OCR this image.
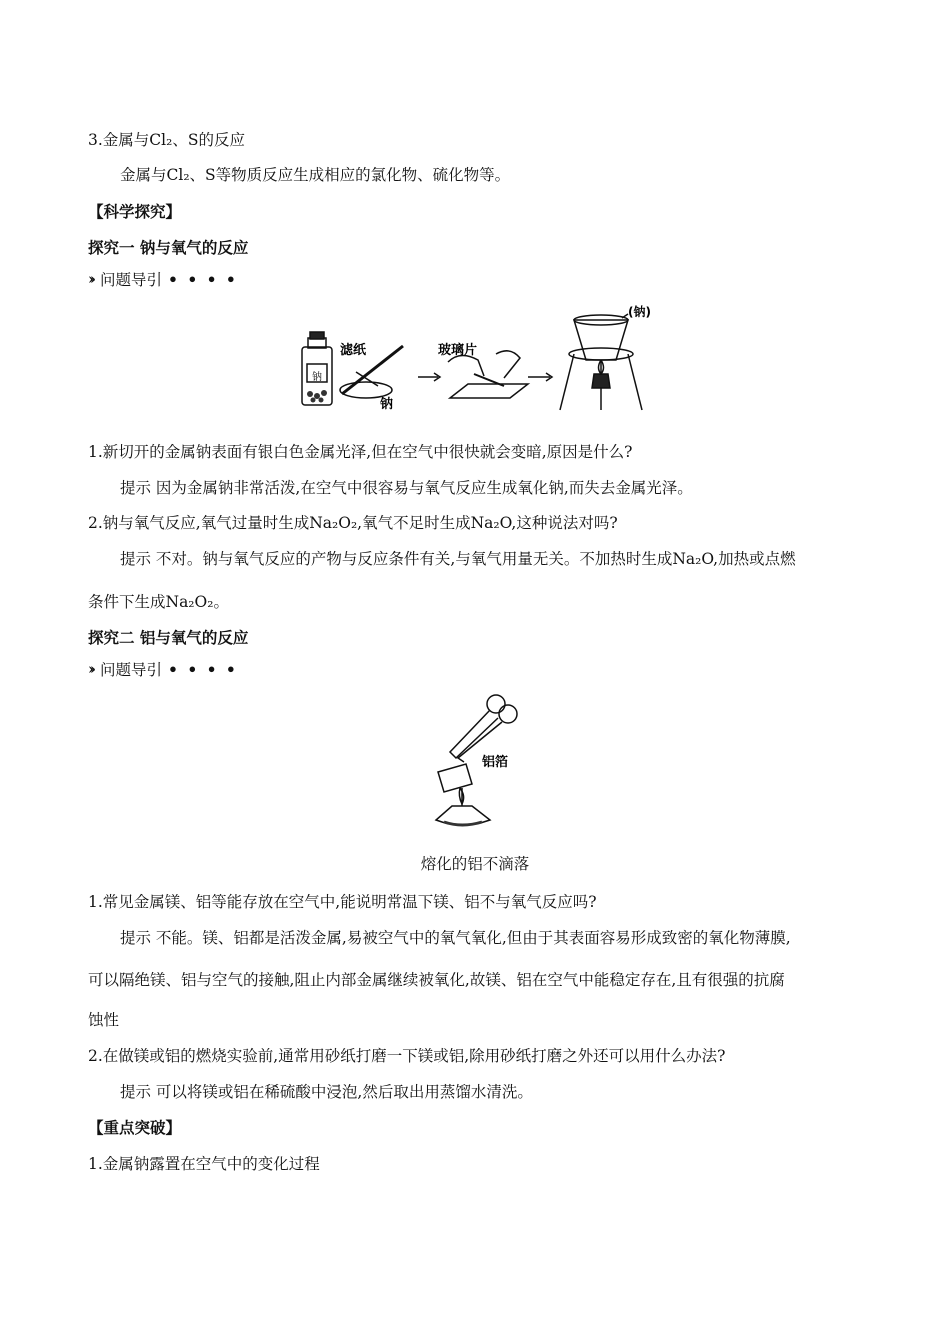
3.金属与Cl₂、S的反应
金属与Cl₂、S等物质反应生成相应的氯化物、硫化物等。
【科学探究】
探究一 钠与氧气的反应
›› 问题导引 • • • •
滤纸
钠
钠
玻璃片
(钠)
1.新切开的金属钠表面有银白色金属光泽,但在空气中很快就会变暗,原因是什么?
提示 因为金属钠非常活泼,在空气中很容易与氧气反应生成氧化钠,而失去金属光泽。
2.钠与氧气反应,氧气过量时生成Na₂O₂,氧气不足时生成Na₂O,这种说法对吗?
提示 不对。钠与氧气反应的产物与反应条件有关,与氧气用量无关。不加热时生成Na₂O,加热或点燃
条件下生成Na₂O₂。
探究二 铝与氧气的反应
›› 问题导引 • • • •
铝箔
熔化的铝不滴落
1.常见金属镁、铝等能存放在空气中,能说明常温下镁、铝不与氧气反应吗?
提示 不能。镁、铝都是活泼金属,易被空气中的氧气氧化,但由于其表面容易形成致密的氧化物薄膜,
可以隔绝镁、铝与空气的接触,阻止内部金属继续被氧化,故镁、铝在空气中能稳定存在,且有很强的抗腐
蚀性
2.在做镁或铝的燃烧实验前,通常用砂纸打磨一下镁或铝,除用砂纸打磨之外还可以用什么办法?
提示 可以将镁或铝在稀硫酸中浸泡,然后取出用蒸馏水清洗。
【重点突破】
1.金属钠露置在空气中的变化过程
